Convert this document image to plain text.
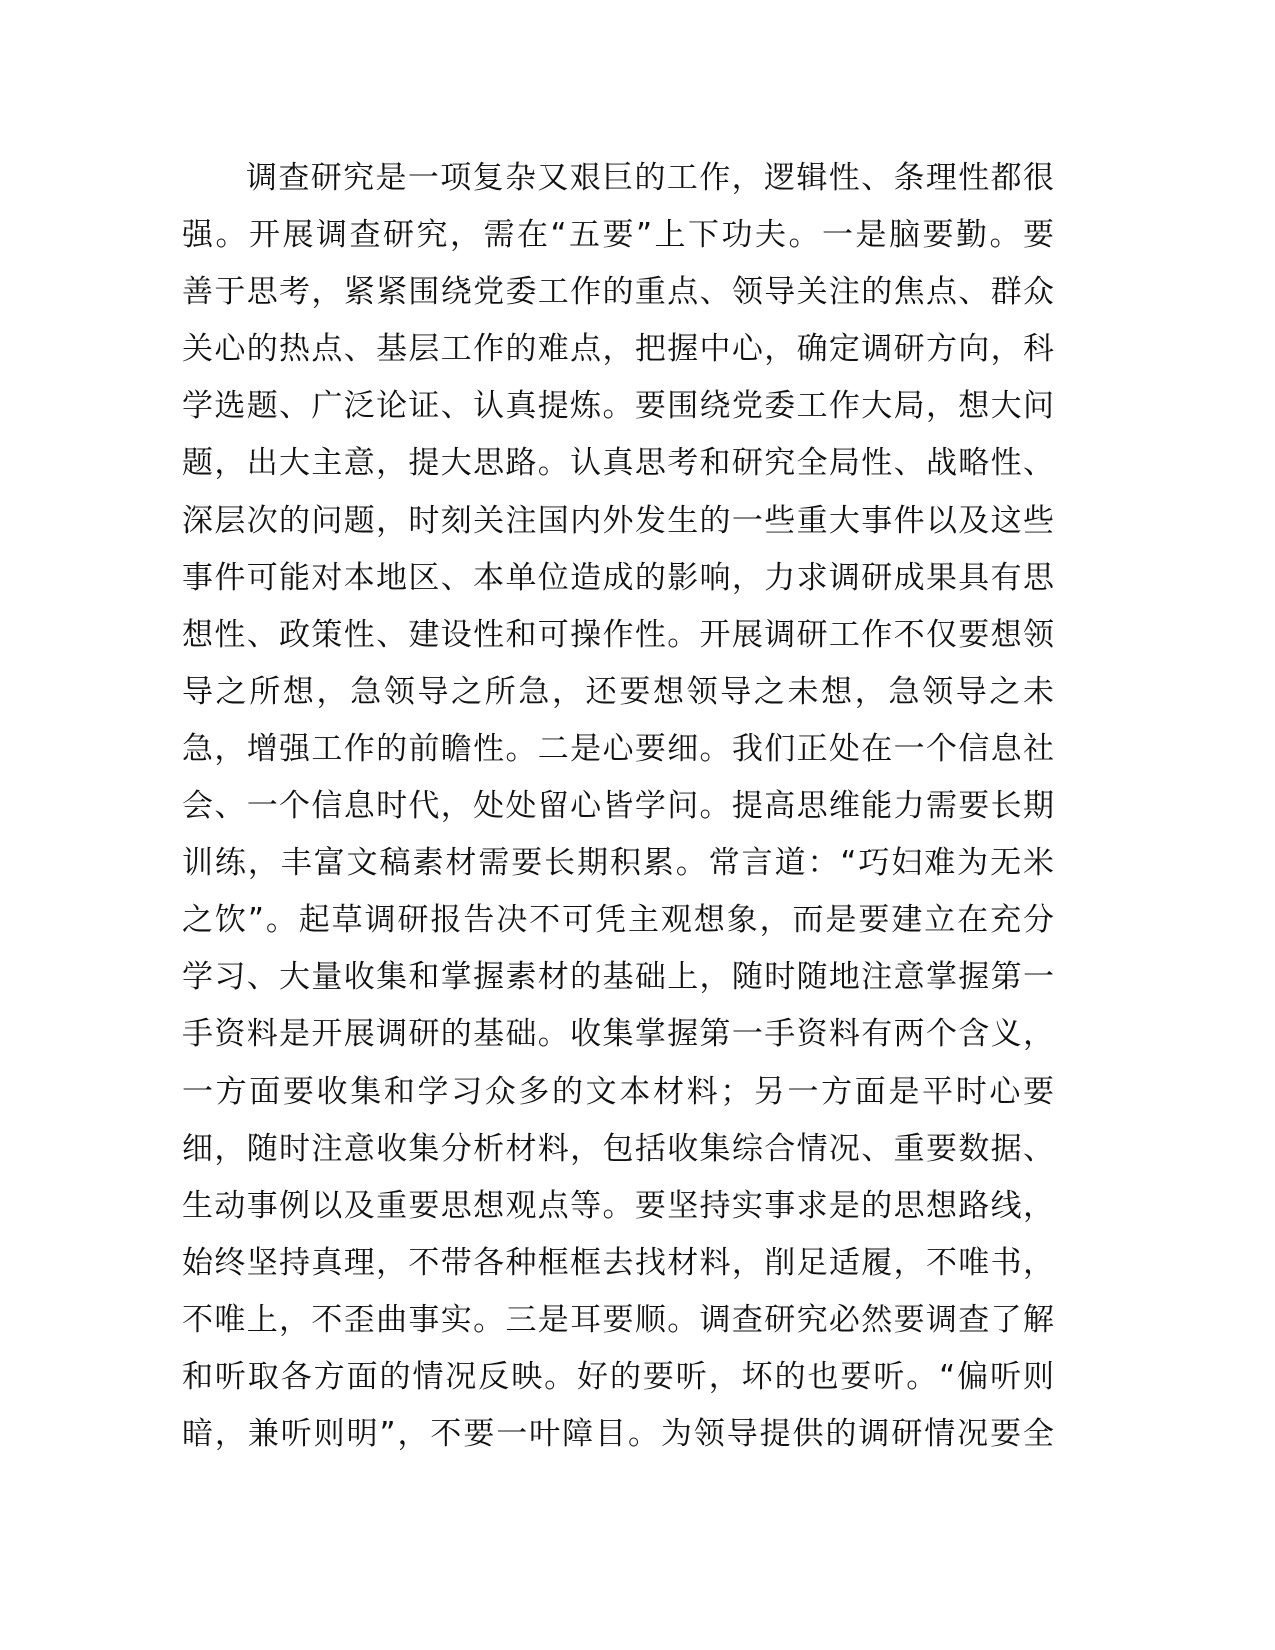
调查研究是一项复杂又艰巨的工作，逻辑性、条理性都很
强。开展调查研究，需在“五要”上下功夫。一是脑要勤。要
善于思考，紧紧围绕党委工作的重点、领导关注的焦点、群众
关心的热点、基层工作的难点，把握中心，确定调研方向，科
学选题、广泛论证、认真提炼。要围绕党委工作大局，想大问
题，出大主意，提大思路。认真思考和研究全局性、战略性、
深层次的问题，时刻关注国内外发生的一些重大事件以及这些
事件可能对本地区、本单位造成的影响，力求调研成果具有思
想性、政策性、建设性和可操作性。开展调研工作不仅要想领
导之所想，急领导之所急，还要想领导之未想，急领导之未
急，增强工作的前瞻性。二是心要细。我们正处在一个信息社
会、一个信息时代，处处留心皆学问。提高思维能力需要长期
训练，丰富文稿素材需要长期积累。常言道：“巧妇难为无米
之饮”。起草调研报告决不可凭主观想象，而是要建立在充分
学习、大量收集和掌握素材的基础上，随时随地注意掌握第一
手资料是开展调研的基础。收集掌握第一手资料有两个含义，
一方面要收集和学习众多的文本材料；另一方面是平时心要
细，随时注意收集分析材料，包括收集综合情况、重要数据、
生动事例以及重要思想观点等。要坚持实事求是的思想路线，
始终坚持真理，不带各种框框去找材料，削足适履，不唯书，
不唯上，不歪曲事实。三是耳要顺。调查研究必然要调查了解
和听取各方面的情况反映。好的要听，坏的也要听。“偏听则
暗，兼听则明”，不要一叶障目。为领导提供的调研情况要全
